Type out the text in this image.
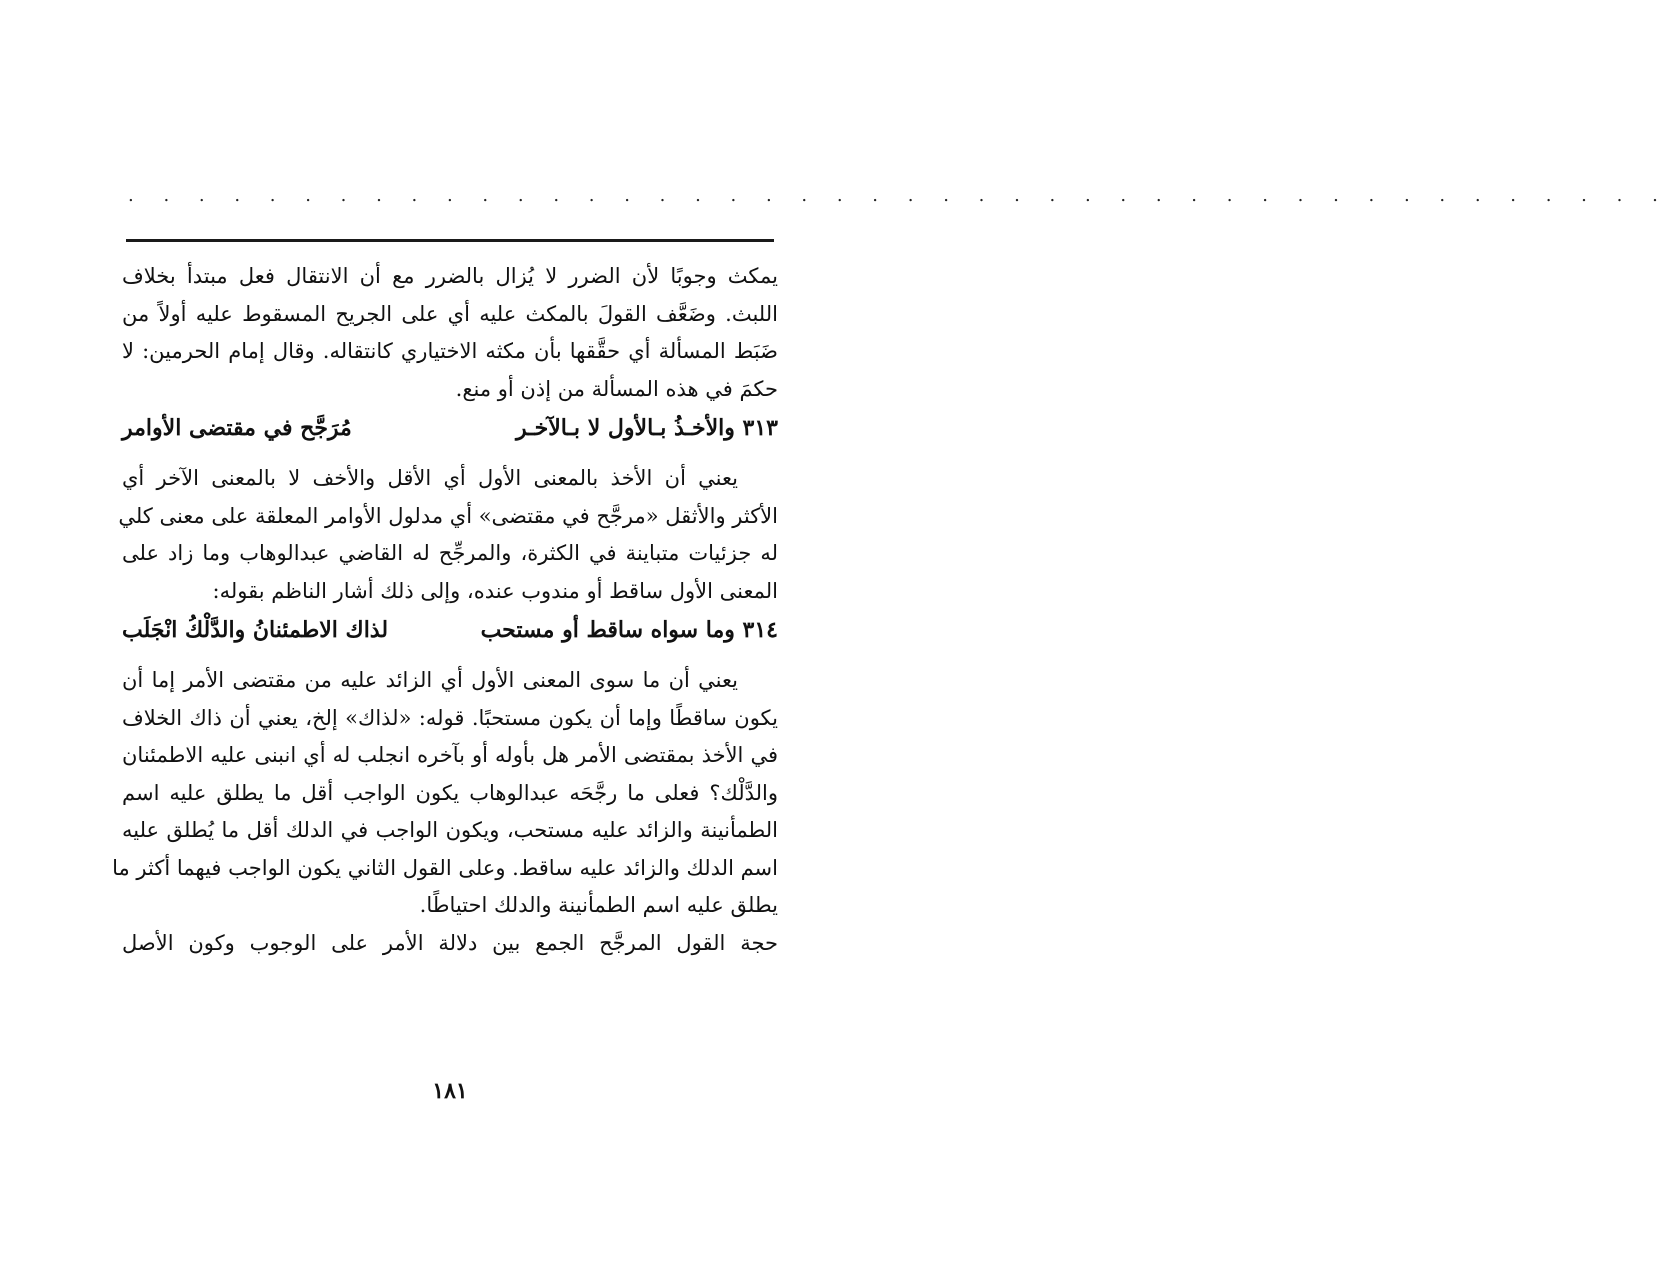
. . . . . . . . . . . . . . . . . . . . . . . . . . . . . . . . . . . . . . . . . . . .
يمكث وجوبًا لأن الضرر لا يُزال بالضرر مع أن الانتقال فعل مبتدأ بخلاف
اللبث. وضَعَّف القولَ بالمكث عليه أي على الجريح المسقوط عليه أولاً من
ضَبَط المسألة أي حقَّقها بأن مكثه الاختياري كانتقاله. وقال إمام الحرمين: لا
حكمَ في هذه المسألة من إذن أو منع.
٣١٣ والأخـذُ بـالأول لا بـالآخـر
مُرَجَّح في مقتضى الأوامر
يعني أن الأخذ بالمعنى الأول أي الأقل والأخف لا بالمعنى الآخر أي
الأكثر والأثقل «مرجَّح في مقتضى» أي مدلول الأوامر المعلقة على معنى كلي
له جزئيات متباينة في الكثرة، والمرجِّح له القاضي عبدالوهاب وما زاد على
المعنى الأول ساقط أو مندوب عنده، وإلى ذلك أشار الناظم بقوله:
٣١٤ وما سواه ساقط أو مستحب
لذاك الاطمئنانُ والدَّلْكُ انْجَلَب
يعني أن ما سوى المعنى الأول أي الزائد عليه من مقتضى الأمر إما أن
يكون ساقطًا وإما أن يكون مستحبًا. قوله: «لذاك» إلخ، يعني أن ذاك الخلاف
في الأخذ بمقتضى الأمر هل بأوله أو بآخره انجلب له أي انبنى عليه الاطمئنان
والدَّلْك؟ فعلى ما رجَّحَه عبدالوهاب يكون الواجب أقل ما يطلق عليه اسم
الطمأنينة والزائد عليه مستحب، ويكون الواجب في الدلك أقل ما يُطلق عليه
اسم الدلك والزائد عليه ساقط. وعلى القول الثاني يكون الواجب فيهما أكثر ما
يطلق عليه اسم الطمأنينة والدلك احتياطًا.
حجة القول المرجَّح الجمع بين دلالة الأمر على الوجوب وكون الأصل
١٨١
